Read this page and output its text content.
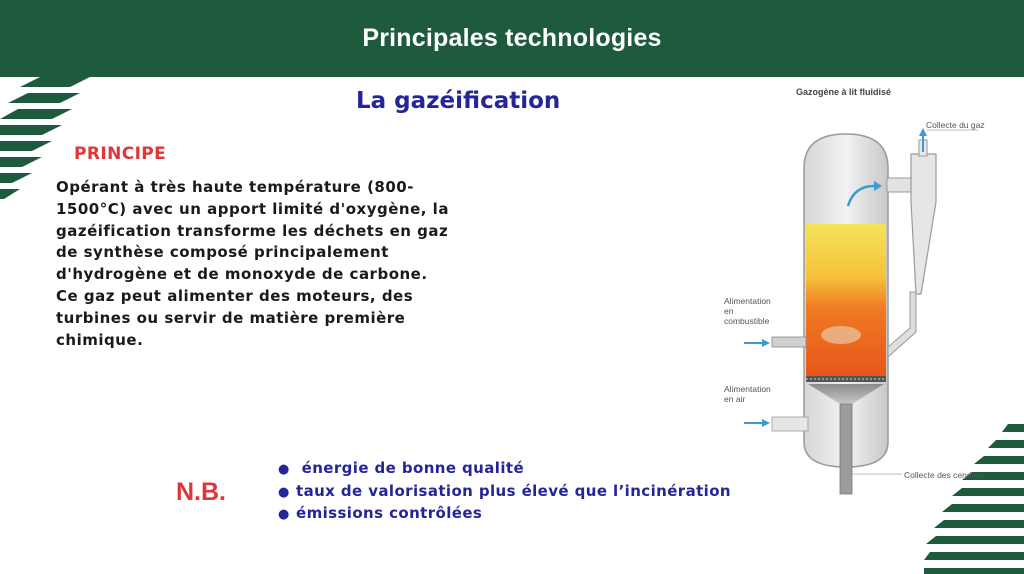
Principales technologies
La gazéification
PRINCIPE
Opérant à très haute température (800-
1500°C) avec un apport limité d'oxygène, la
gazéification transforme les déchets en gaz
de synthèse composé principalement
d'hydrogène et de monoxyde de carbone.
Ce gaz peut alimenter des moteurs, des
turbines ou servir de matière première
chimique.
N.B.
● énergie de bonne qualité
● taux de valorisation plus élevé que l’incinération
● émissions contrôlées
Gazogène à lit fluidisé
Collecte du gaz
Alimentation
en
combustible
Alimentation
en air
Collecte des cendres
